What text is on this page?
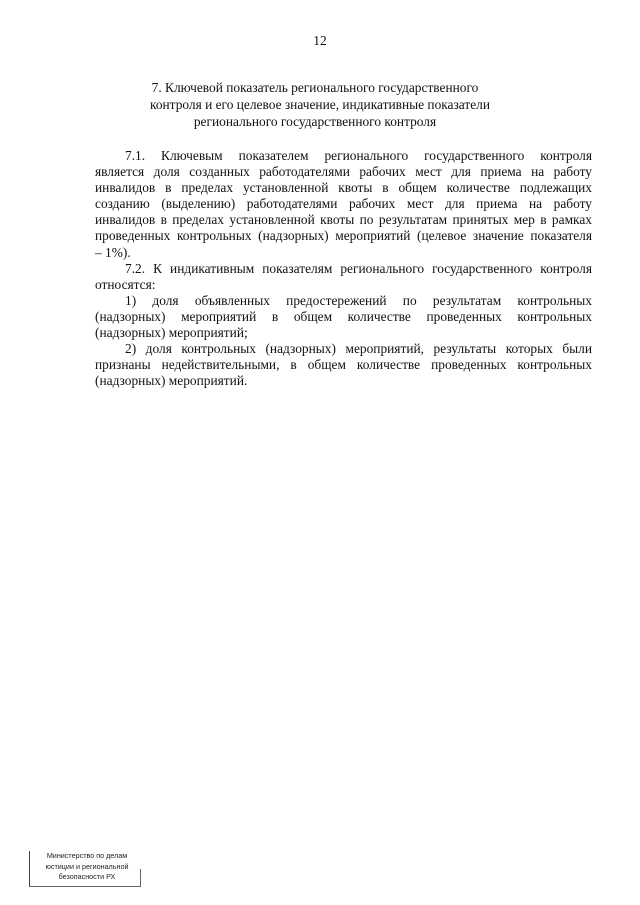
12
7. Ключевой показатель регионального государственного
контроля и его целевое значение, индикативные показатели
регионального государственного контроля
7.1. Ключевым показателем регионального государственного контроля
является доля созданных работодателями рабочих мест для приема на работу
инвалидов в пределах установленной квоты в общем количестве подлежащих
созданию (выделению) работодателями рабочих мест для приема на работу
инвалидов в пределах установленной квоты по результатам принятых мер в рамках
проведенных контрольных (надзорных) мероприятий (целевое значение показателя
– 1%).
7.2. К индикативным показателям регионального государственного контроля
относятся:
1) доля объявленных предостережений по результатам контрольных
(надзорных) мероприятий в общем количестве проведенных контрольных
(надзорных) мероприятий;
2) доля контрольных (надзорных) мероприятий, результаты которых были
признаны недействительными, в общем количестве проведенных контрольных
(надзорных) мероприятий.
Министерство по делам
юстиции и региональной
безопасности РХ
